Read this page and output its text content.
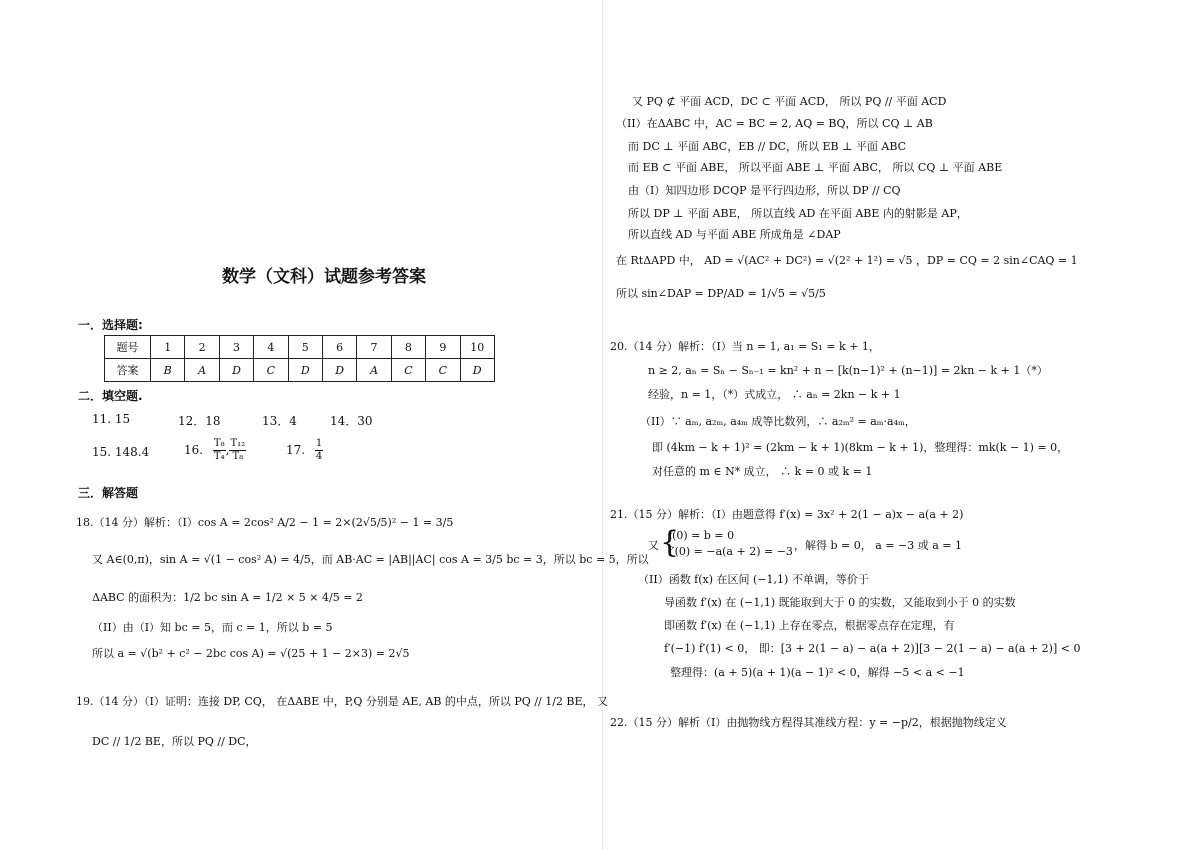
数学（文科）试题参考答案
一．选择题:
题号	1	2	3	4	5	6	7	8	9	10
答案	B	A	D	C	D	D	A	C	C	D
二．填空题.
11. 15	12．18	13．4	14．30
15. 148.4	16. $\frac{\text{T₈}}{\text{T₄}}$ , $\frac{\text{T₁₂}}{\text{T₈}}$	17. $\frac{1}{4}$
三．解答题
18.（14 分）解析：（I）cos A = 2cos² A/2 − 1 = 2×(2√5/5)² − 1 = 3/5
又 A∈(0,π)，sin A = √(1 − cos² A) = 4/5，而 AB·AC = |AB||AC| cos A = 3/5 bc = 3，所以 bc = 5，所以
ΔABC 的面积为：1/2 bc sin A = 1/2 × 5 × 4/5 = 2
（II）由（I）知 bc = 5，而 c = 1，所以 b = 5
所以 a = √(b² + c² − 2bc cos A) = √(25 + 1 − 2×3) = 2√5
19.（14 分）（I）证明：连接 DP, CQ， 在ΔABE 中，P,Q 分别是 AE, AB 的中点，所以 PQ // 1/2 BE， 又
DC // 1/2 BE，所以 PQ // DC，
又 PQ ⊄ 平面 ACD，DC ⊂ 平面 ACD， 所以 PQ // 平面 ACD
（II）在ΔABC 中，AC = BC = 2, AQ = BQ，所以 CQ ⊥ AB
而 DC ⊥ 平面 ABC，EB // DC，所以 EB ⊥ 平面 ABC
而 EB ⊂ 平面 ABE， 所以平面 ABE ⊥ 平面 ABC， 所以 CQ ⊥ 平面 ABE
由（I）知四边形 DCQP 是平行四边形，所以 DP // CQ
所以 DP ⊥ 平面 ABE， 所以直线 AD 在平面 ABE 内的射影是 AP，
所以直线 AD 与平面 ABE 所成角是 ∠DAP
在 RtΔAPD 中， AD = √(AC² + DC²) = √(2² + 1²) = √5 ，DP = CQ = 2 sin∠CAQ = 1
所以 sin∠DAP = DP/AD = 1/√5 = √5/5
20.（14 分）解析：（I）当 n = 1, a₁ = S₁ = k + 1，
n ≥ 2, aₙ = Sₙ − Sₙ₋₁ = kn² + n − [k(n−1)² + (n−1)] = 2kn − k + 1（*）
经验，n = 1，（*）式成立， ∴ aₙ = 2kn − k + 1
（II）∵ aₘ, a₂ₘ, a₄ₘ 成等比数列，∴ a₂ₘ² = aₘ·a₄ₘ，
即 (4km − k + 1)² = (2km − k + 1)(8km − k + 1)，整理得：mk(k − 1) = 0，
对任意的 m ∈ N* 成立， ∴ k = 0 或 k = 1
21.（15 分）解析：（I）由题意得 f′(x) = 3x² + 2(1 − a)x − a(a + 2)
f(0) = b = 0
又 {
f′(0) = −a(a + 2) = −3 ，解得 b = 0， a = −3 或 a = 1
（II）函数 f(x) 在区间 (−1,1) 不单调，等价于
导函数 f′(x) 在 (−1,1) 既能取到大于 0 的实数，又能取到小于 0 的实数
即函数 f′(x) 在 (−1,1) 上存在零点，根据零点存在定理，有
f′(−1) f′(1) < 0， 即：[3 + 2(1 − a) − a(a + 2)][3 − 2(1 − a) − a(a + 2)] < 0
整理得：(a + 5)(a + 1)(a − 1)² < 0，解得 −5 < a < −1
22.（15 分）解析（I）由抛物线方程得其准线方程：y = −p/2，根据抛物线定义
